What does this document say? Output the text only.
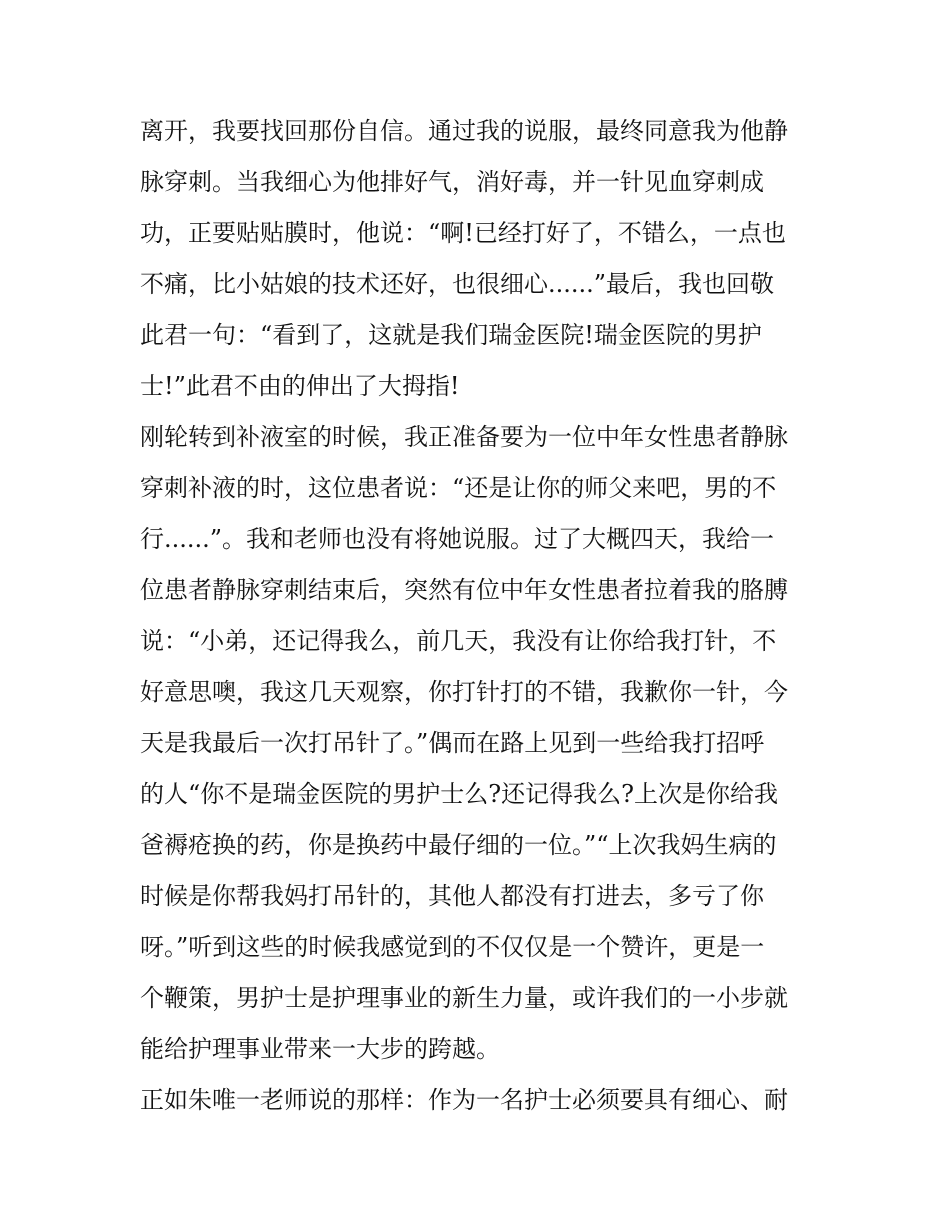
离开，我要找回那份自信。通过我的说服，最终同意我为他静
脉穿刺。当我细心为他排好气，消好毒，并一针见血穿刺成
功，正要贴贴膜时，他说：“啊!已经打好了，不错么，一点也
不痛，比小姑娘的技术还好，也很细心......”最后，我也回敬
此君一句：“看到了，这就是我们瑞金医院!瑞金医院的男护
士!”此君不由的伸出了大拇指!
刚轮转到补液室的时候，我正准备要为一位中年女性患者静脉
穿刺补液的时，这位患者说：“还是让你的师父来吧，男的不
行......”。我和老师也没有将她说服。过了大概四天，我给一
位患者静脉穿刺结束后，突然有位中年女性患者拉着我的胳膊
说：“小弟，还记得我么，前几天，我没有让你给我打针，不
好意思噢，我这几天观察，你打针打的不错，我歉你一针，今
天是我最后一次打吊针了。”偶而在路上见到一些给我打招呼
的人“你不是瑞金医院的男护士么?还记得我么?上次是你给我
爸褥疮换的药，你是换药中最仔细的一位。”“上次我妈生病的
时候是你帮我妈打吊针的，其他人都没有打进去，多亏了你
呀。”听到这些的时候我感觉到的不仅仅是一个赞许，更是一
个鞭策，男护士是护理事业的新生力量，或许我们的一小步就
能给护理事业带来一大步的跨越。
正如朱唯一老师说的那样：作为一名护士必须要具有细心、耐
